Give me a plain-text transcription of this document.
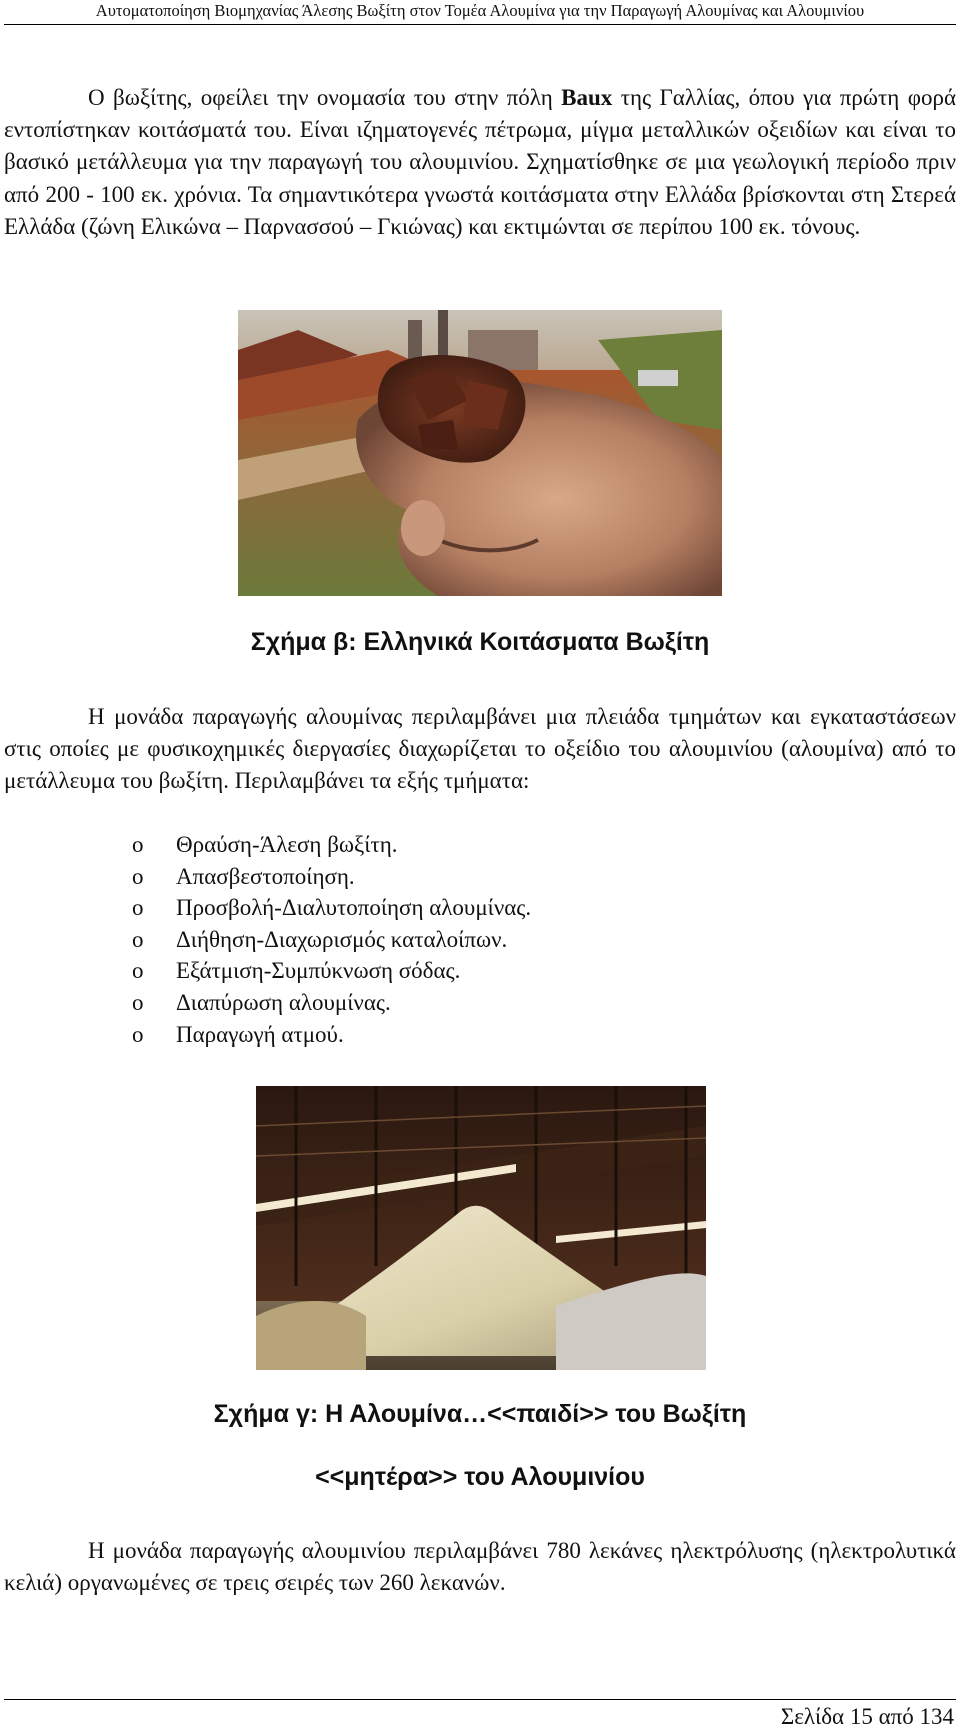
Αυτοματοποίηση Βιομηχανίας Άλεσης Βωξίτη στον Τομέα Αλουμίνα για την Παραγωγή Αλουμίνας και Αλουμινίου

Ο βωξίτης, οφείλει την ονομασία του στην πόλη Baux της Γαλλίας, όπου για πρώτη φορά εντοπίστηκαν κοιτάσματά του. Είναι ιζηματογενές πέτρωμα, μίγμα μεταλλικών οξειδίων και είναι το βασικό μετάλλευμα για την παραγωγή του αλουμινίου. Σχηματίσθηκε σε μια γεωλογική περίοδο πριν από 200 - 100 εκ. χρόνια. Τα σημαντικότερα γνωστά κοιτάσματα στην Ελλάδα βρίσκονται στη Στερεά Ελλάδα (ζώνη Ελικώνα – Παρνασσού – Γκιώνας) και εκτιμώνται σε περίπου 100 εκ. τόνους.

Σχήμα β: Ελληνικά Κοιτάσματα Βωξίτη

Η μονάδα παραγωγής αλουμίνας περιλαμβάνει μια πλειάδα τμημάτων και εγκαταστάσεων στις οποίες με φυσικοχημικές διεργασίες διαχωρίζεται το οξείδιο του αλουμινίου (αλουμίνα) από το μετάλλευμα του βωξίτη. Περιλαμβάνει τα εξής τμήματα:

o	Θραύση-Άλεση βωξίτη.
o	Απασβεστοποίηση.
o	Προσβολή-Διαλυτοποίηση αλουμίνας.
o	Διήθηση-Διαχωρισμός καταλοίπων.
o	Εξάτμιση-Συμπύκνωση σόδας.
o	Διαπύρωση αλουμίνας.
o	Παραγωγή ατμού.
Σχήμα γ: Η Αλουμίνα…<<παιδί>> του Βωξίτη
<<μητέρα>> του Αλουμινίου

Η μονάδα παραγωγής αλουμινίου περιλαμβάνει 780 λεκάνες ηλεκτρόλυσης (ηλεκτρολυτικά κελιά) οργανωμένες σε τρεις σειρές των 260 λεκανών.

Σελίδα 15 από 134
